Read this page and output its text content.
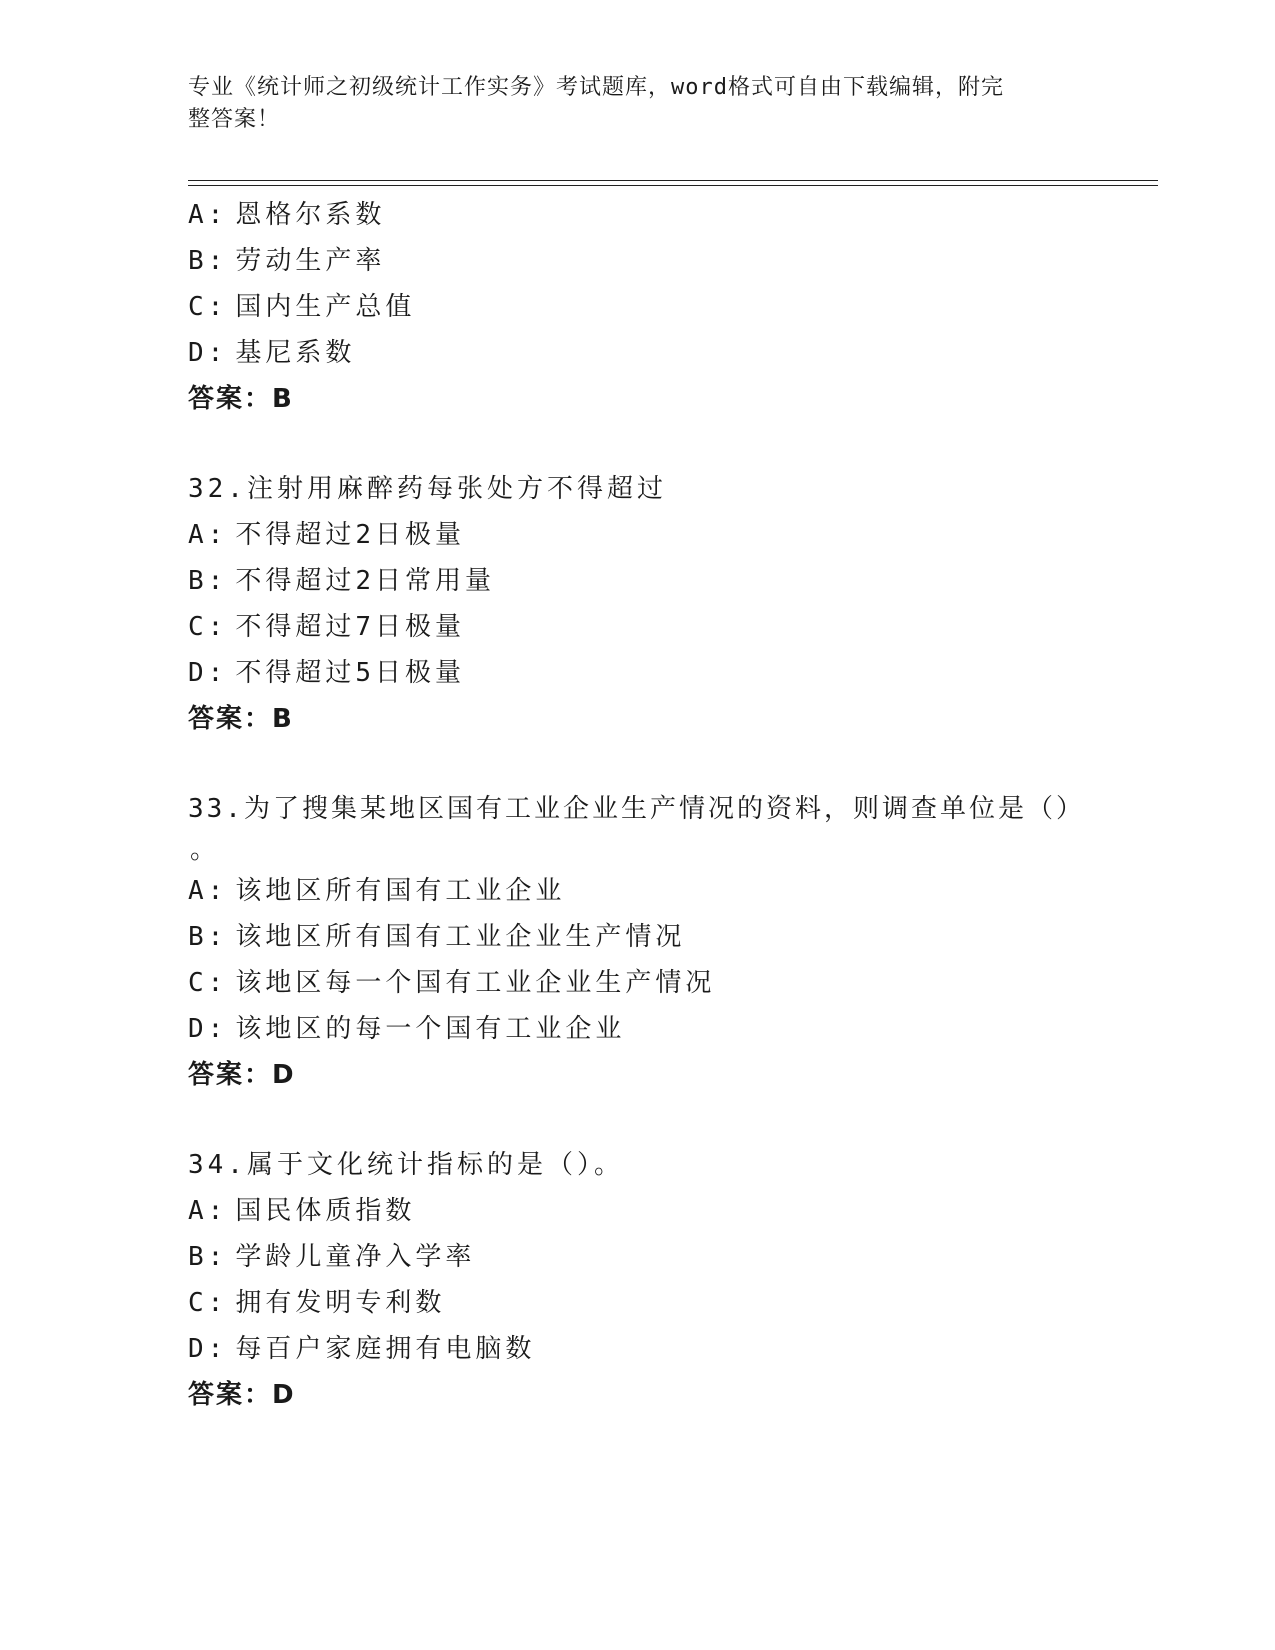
专业《统计师之初级统计工作实务》考试题库，word格式可自由下载编辑，附完
整答案！
A: 恩格尔系数
B: 劳动生产率
C: 国内生产总值
D: 基尼系数
答案：B
32.注射用麻醉药每张处方不得超过
A: 不得超过2日极量
B: 不得超过2日常用量
C: 不得超过7日极量
D: 不得超过5日极量
答案：B
33.为了搜集某地区国有工业企业生产情况的资料，则调查单位是（）
。
A: 该地区所有国有工业企业
B: 该地区所有国有工业企业生产情况
C: 该地区每一个国有工业企业生产情况
D: 该地区的每一个国有工业企业
答案：D
34.属于文化统计指标的是（）。
A: 国民体质指数
B: 学龄儿童净入学率
C: 拥有发明专利数
D: 每百户家庭拥有电脑数
答案：D
